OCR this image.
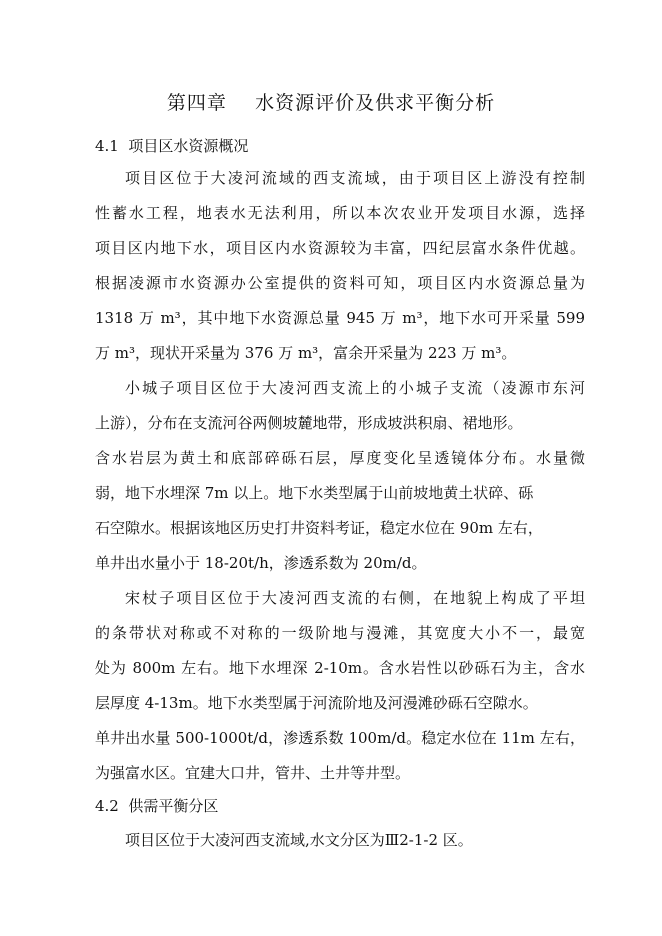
第四章    水资源评价及供求平衡分析
4.1  项目区水资源概况
项目区位于大凌河流域的西支流域，由于项目区上游没有控制
性蓄水工程，地表水无法利用，所以本次农业开发项目水源，选择
项目区内地下水，项目区内水资源较为丰富，四纪层富水条件优越。
根据凌源市水资源办公室提供的资料可知，项目区内水资源总量为
1318 万 m³，其中地下水资源总量 945 万 m³，地下水可开采量 599
万 m³，现状开采量为 376 万 m³，富余开采量为 223 万 m³。
小城子项目区位于大凌河西支流上的小城子支流（凌源市东河
上游），分布在支流河谷两侧坡麓地带，形成坡洪积扇、裙地形。
含水岩层为黄土和底部碎砾石层，厚度变化呈透镜体分布。水量微
弱，地下水埋深 7m 以上。地下水类型属于山前坡地黄土状碎、砾
石空隙水。根据该地区历史打井资料考证，稳定水位在 90m 左右，
单井出水量小于 18-20t/h，渗透系数为 20m/d。
宋杖子项目区位于大凌河西支流的右侧，在地貌上构成了平坦
的条带状对称或不对称的一级阶地与漫滩，其宽度大小不一，最宽
处为 800m 左右。地下水埋深 2-10m。含水岩性以砂砾石为主，含水
层厚度 4-13m。地下水类型属于河流阶地及河漫滩砂砾石空隙水。
单井出水量 500-1000t/d，渗透系数 100m/d。稳定水位在 11m 左右，
为强富水区。宜建大口井，管井、土井等井型。
4.2  供需平衡分区
项目区位于大凌河西支流域,水文分区为Ⅲ2-1-2 区。
